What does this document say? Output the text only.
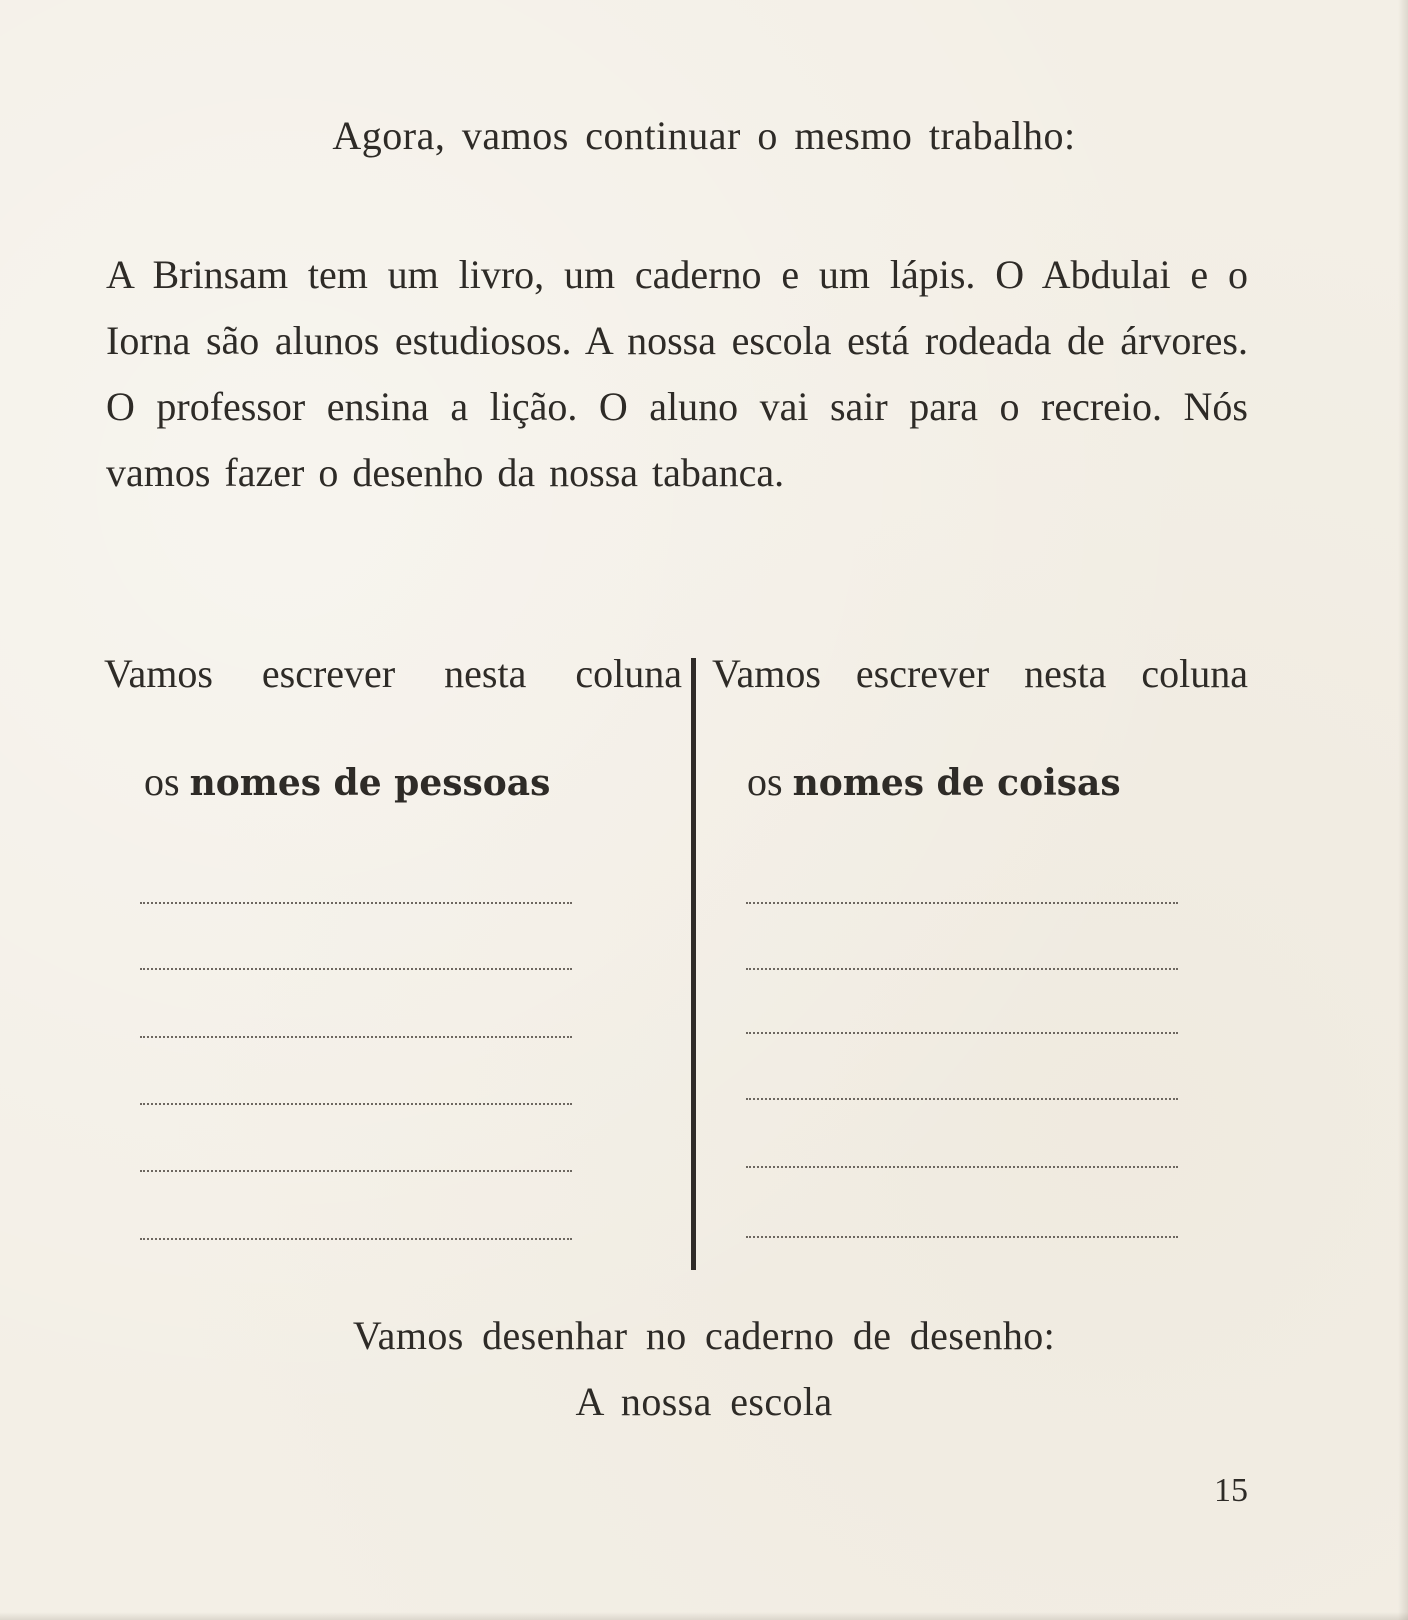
Agora, vamos continuar o mesmo trabalho:
A Brinsam tem um livro, um caderno e um lápis. O Abdulai e o Iorna são alunos estudiosos. A nossa escola está rodeada de árvores. O professor ensina a lição. O aluno vai sair para o recreio. Nós vamos fazer o desenho da nossa tabanca.
Vamos escrever nesta coluna Vamos escrever nesta coluna
os nomes de pessoas	os nomes de coisas
Vamos desenhar no caderno de desenho:
A nossa escola
15
